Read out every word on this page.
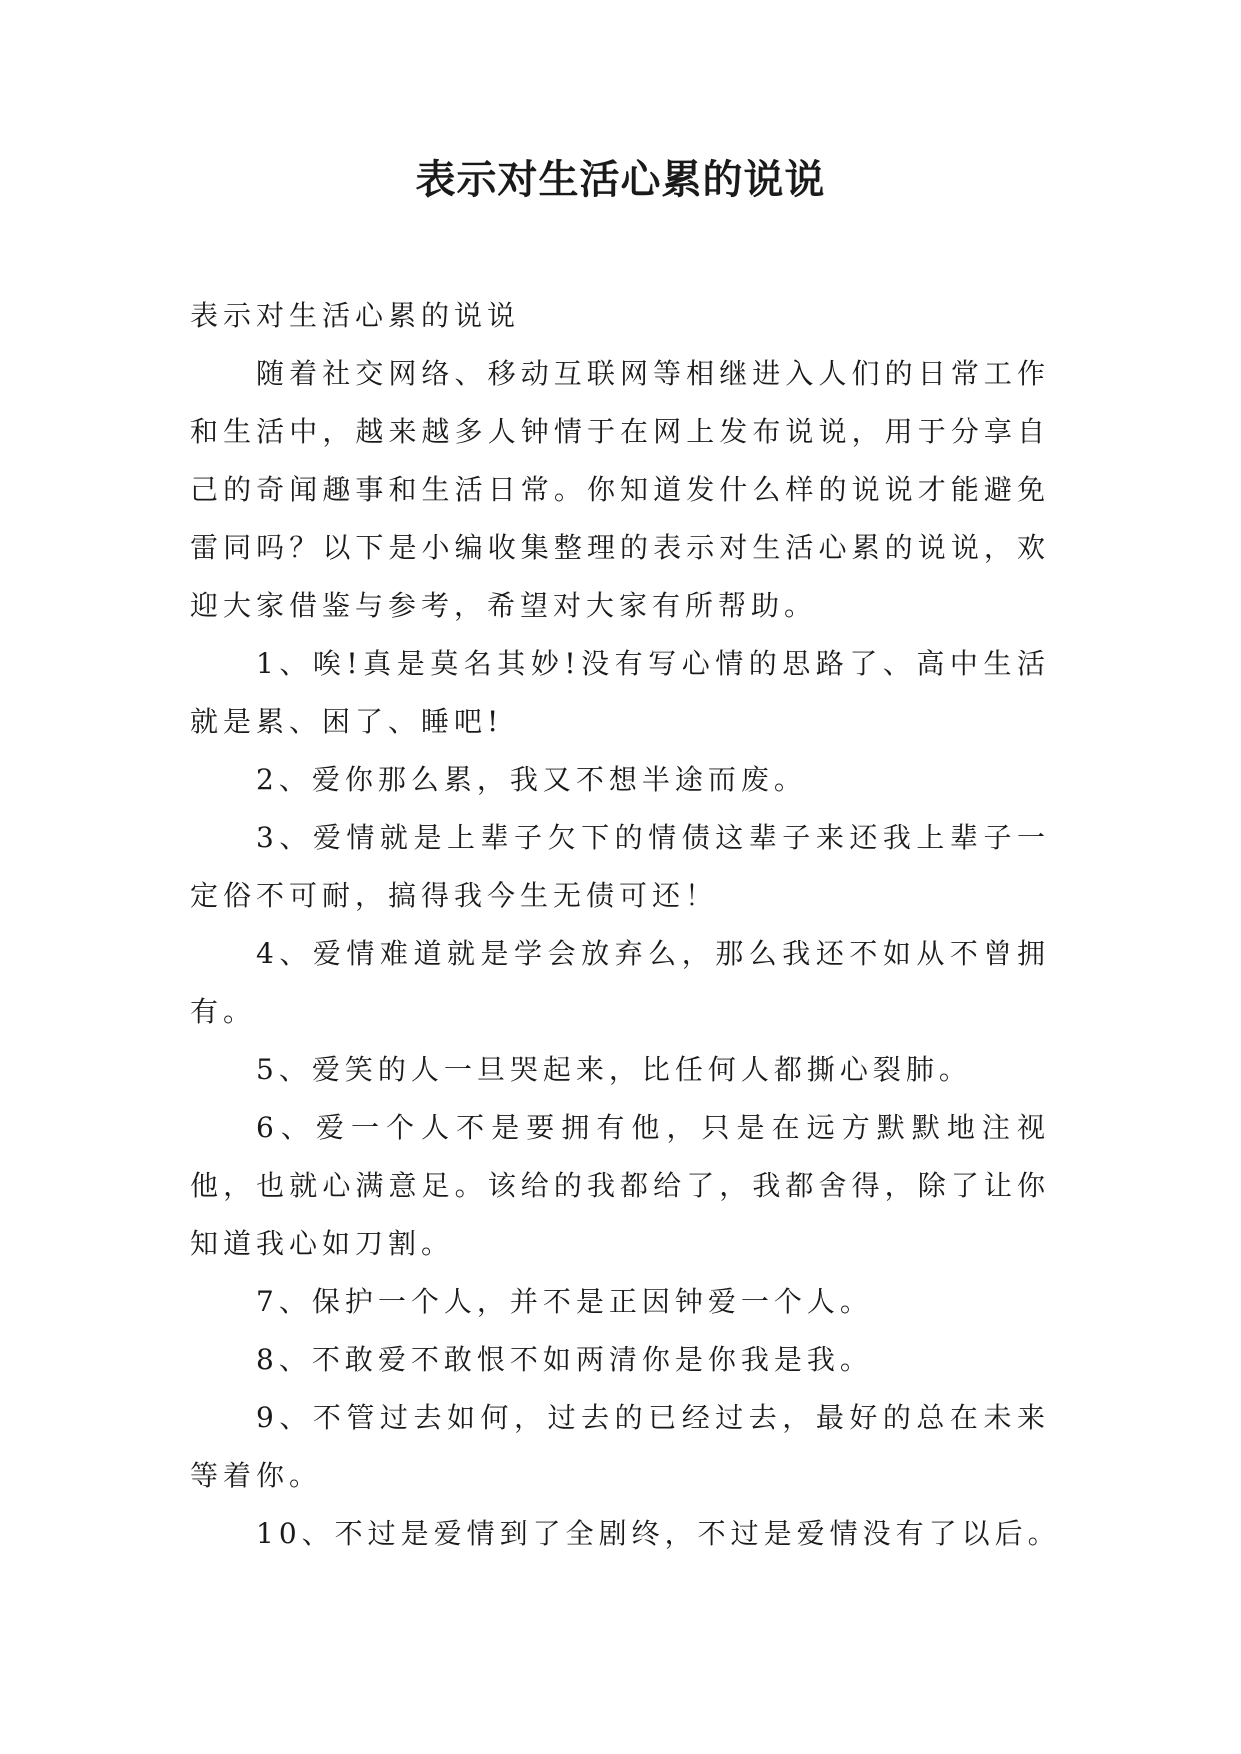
表示对生活心累的说说

表示对生活心累的说说

随着社交网络、移动互联网等相继进入人们的日常工作和生活中，越来越多人钟情于在网上发布说说，用于分享自己的奇闻趣事和生活日常。你知道发什么样的说说才能避免雷同吗？以下是小编收集整理的表示对生活心累的说说，欢迎大家借鉴与参考，希望对大家有所帮助。

1、唉!真是莫名其妙!没有写心情的思路了、高中生活就是累、困了、睡吧!

2、爱你那么累，我又不想半途而废。

3、爱情就是上辈子欠下的情债这辈子来还我上辈子一定俗不可耐，搞得我今生无债可还！

4、爱情难道就是学会放弃么，那么我还不如从不曾拥有。

5、爱笑的人一旦哭起来，比任何人都撕心裂肺。

6、爱一个人不是要拥有他，只是在远方默默地注视他，也就心满意足。该给的我都给了，我都舍得，除了让你知道我心如刀割。

7、保护一个人，并不是正因钟爱一个人。

8、不敢爱不敢恨不如两清你是你我是我。

9、不管过去如何，过去的已经过去，最好的总在未来等着你。

10、不过是爱情到了全剧终，不过是爱情没有了以后。
